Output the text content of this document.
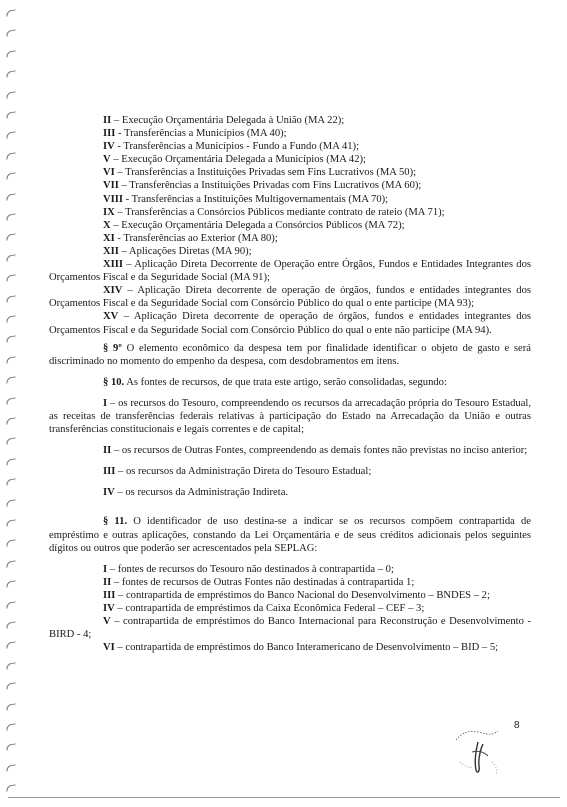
II – Execução Orçamentária Delegada à União (MA 22);

III - Transferências a Municípios (MA 40);

IV - Transferências a Municípios - Fundo a Fundo (MA 41);

V – Execução Orçamentária Delegada a Municípios (MA 42);

VI – Transferências a Instituições Privadas sem Fins Lucrativos (MA 50);

VII – Transferências a Instituições Privadas com Fins Lucrativos (MA 60);

VIII - Transferências a Instituições Multigovernamentais (MA 70);

IX – Transferências a Consórcios Públicos mediante contrato de rateio (MA 71);

X – Execução Orçamentária Delegada a Consórcios Públicos (MA 72);

XI - Transferências ao Exterior (MA 80);

XII – Aplicações Diretas (MA 90);

XIII – Aplicação Direta Decorrente de Operação entre Órgãos, Fundos e Entidades Integrantes dos Orçamentos Fiscal e da Seguridade Social (MA 91);

XIV – Aplicação Direta decorrente de operação de órgãos, fundos e entidades integrantes dos Orçamentos Fiscal e da Seguridade Social com Consórcio Público do qual o ente participe (MA 93);

XV – Aplicação Direta decorrente de operação de órgãos, fundos e entidades integrantes dos Orçamentos Fiscal e da Seguridade Social com Consórcio Público do qual o ente não participe (MA 94).

§ 9º O elemento econômico da despesa tem por finalidade identificar o objeto de gasto e será discriminado no momento do empenho da despesa, com desdobramentos em itens.

§ 10. As fontes de recursos, de que trata este artigo, serão consolidadas, segundo:

I – os recursos do Tesouro, compreendendo os recursos da arrecadação própria do Tesouro Estadual, as receitas de transferências federais relativas à participação do Estado na Arrecadação da União e outras transferências constitucionais e legais correntes e de capital;

II – os recursos de Outras Fontes, compreendendo as demais fontes não previstas no inciso anterior;

III – os recursos da Administração Direta do Tesouro Estadual;

IV – os recursos da Administração Indireta.

§ 11. O identificador de uso destina-se a indicar se os recursos compõem contrapartida de empréstimo e outras aplicações, constando da Lei Orçamentária e de seus créditos adicionais pelos seguintes dígitos ou outros que poderão ser acrescentados pela SEPLAG:

I – fontes de recursos do Tesouro não destinados à contrapartida – 0;

II – fontes de recursos de Outras Fontes não destinadas à contrapartida 1;

III – contrapartida de empréstimos do Banco Nacional do Desenvolvimento – BNDES – 2;

IV – contrapartida de empréstimos da Caixa Econômica Federal – CEF – 3;

V – contrapartida de empréstimos do Banco Internacional para Reconstrução e Desenvolvimento - BIRD - 4;

VI – contrapartida de empréstimos do Banco Interamericano de Desenvolvimento – BID – 5;

8
